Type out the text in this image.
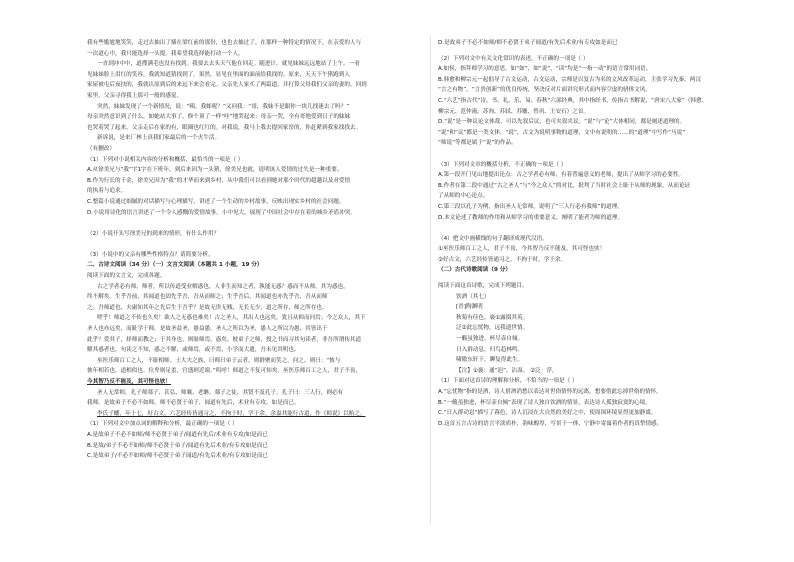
我有些尴尬地笑笑，走过去抽出了插在梁红前的那份，也也去抽过了。在那样一种特定的情况下，在亲爱的人与

一次道心中，我只能选择一头提。我希望我选择能打动一个人。

一直到冲中中，道搜满毛也没有找到。我要去去头天气他在回走。随进计，就见妹妹远远地站了上午。一看

见妹妹脸上泪红的笑容，我就知道猜找到了。果然，显见在里面的面前给我找的。原来，天天下午猪跑到人

家屋被屯后夜扶的，我就认原到后的来远下来会看完。父亲先人家买了两篇道，并打算父母我们父亲的妻的。回到

家里，父亲寻得我上那可一般的感觉。

突然，妹妹发现了一个新情况，说：“咦，我姊呢？”又问我：“哥，我妹不是跟你一块儿找迷去了吗？”

母亲突然意识到了什么，如她站大事了，修个顶了一样“哇”地哭起来：母亲一哭，全有哥地爱到日子的妹妹

也哭着哭了起来。父亲走后在家的有，眼圈也红红的。对我说，我马上我去提回家窑的，你赶紧到我家找找去。

新诉说，是来厂林上真我们家最后的一个火牛活。

（有删改）

（1）下列对小说相关内容的分析和概括，最恰当的一项是（ ）

A.从徐美兄与“我”字1字在下班年，到后来因为一头猪，徐美兄也就，说明该人爱情的过失是一种重要。

B.作为行长的千金，徐美兄因为“我”的才华而来到乡村，从中我们可以看到她对那个时代的超越以及对爱情

的执着与追求。

C.整篇小说通过细腻的对话描写与心理描写，讲述了一个生动的乡村故事，反映出现实乡村的社会问题。

D.小说用诗化的语言讲述了一个令人感慨的爱情故事，小中见大，展现了中国社会中存在着的城乡矛盾冲突。

（2）小说开头写徐美兄的到来的情形，有什么作用？

（3）小说中的父亲有哪些性格特点？请简要分析。

二、古诗文阅读（34 分）（一）文言文阅读（本题共 1 小题，19 分）

阅读下面的文言文，完成各题。

古之学者必有师。师者，所以传道受业解惑也。人非生而知之者，孰能无惑？惑而不从师，其为惑也，

终不解矣。生乎吾前，其闻道也固先乎吾，吾从而师之；生乎吾后，其闻道也亦先乎吾，吾从而师

之。吾师道也，夫庸知其年之先后生于吾乎？是故无贵无贱，无长无少，道之所存，师之所存也。

嗟乎！师道之不传也久矣！欲人之无惑也难矣！古之圣人，其出人也远矣，犹且从师而问焉；今之众人，其下

圣人也亦远矣，而耻学于师。是故圣益圣，愚益愚。圣人之所以为圣，愚人之所以为愚，其皆出于

此乎？爱其子，择师而教之；于其身也，则耻师焉，惑矣。彼童子之师，授之书而习其句读者，非吾所谓传其道

解其惑者也。句读之不知，惑之不解，或师焉，或不焉，小学而大遗，吾未见其明也。

巫医乐师百工之人，不耻相师。士大夫之族，曰师曰弟子云者，则群聚而笑之。问之，则曰：“彼与

彼年相若也，道相似也。位卑则足羞，官盛则近谀。”呜呼！师道之不复可知矣。巫医乐师百工之人，君子不齿，

今其智乃反不能及，其可怪也欤！

圣人无常师。孔子师郯子、苌弘、师襄、老聃。郯子之徒，其贤不及孔子。孔子曰：三人行，则必有

我师。是故弟子不必不如师，师不必贤于弟子，闻道有先后，术业有专攻，如是而已。

李氏子蟠，年十七，好古文，六艺经传皆通习之，不拘于时，学于余。余嘉其能行古道，作《师说》以贻之。

（1）下列对文中加点词的解释和分析，最正确的一项是（ ）

A.是故弟子不必不如师/师不必贤于弟子/闻道有先后/术业有专攻/如是而已

B.是故/弟子不必不如师/师不必贤于弟子/闻道有先后术业/有专攻如是而已

C.是故弟子/不必不如师/师不必贤于弟子闻道/有先后术业/有专攻如是而已

D.是故弟子不必不如师/师不必贤于弟子闻道/有先后术业/有专攻如是而已

（2）下列对文中有关文化常识的表述，不正确的一项是（ ）

A.如侯，指拜师学习的意思，如“如”，如“说”，“读”均是“一指一动”的语言常用词语。

B.韩愈和柳宗元一起倡导了古文运动，古文运动，宗师是以复古为名的文风改革运动，主张学习先秦、两汉

“言之有物”、“言贵创新”的优良传统，坚决反对片面讲究形式而内容空虚的骈体文风。

C.“六艺”指古代“诗、书、礼、乐、易、春秋”六部经典，其中指经书，传指古书解说，“唐宋八大家”（韩愈、

柳宗元、范仲淹、苏洵、苏轼、苏辙、曾巩、王安石）之首。

D.“说”是一种议论文体裁，可以先叙后议，也可夹叙夹议。“说”与“论”大体相同，都是阐述道理的。

“说”和“议”都是一类文体。“说”，古文为说明事物的道理，文中有说明的……的“道理”中写作“马说”

“师说”等都是属于“说”的作品。

（3）下列对文章的概括分析，不正确的一项是（ ）

A.第一段开门见山地提出论点：古之学者必有师，有着普遍意义的老师，提出了从师学习的必要性。

B.作者在第二段中通过“古之圣人”与“今之众人”的对比，批判了当时社会上耻于从师的现象，从而论证

了从师的中心论点。

C.第三段以孔子为例，指出圣人无常师，说明了“三人行必有我师”的道理。

D.本文论述了教师的作用和从师学习的重要意义，阐明了能者为师的道理。

（4）把文中画横线的句子翻译成现代汉语。

①巫医乐师百工之人，君子不齿，今其智乃反不能及，其可怪也欤！

②好古文，六艺经传皆通习之，不拘于时，学于余。

（二）古代诗歌阅读（9 分）

阅读下面这首诗歌，完成下列题目。

饮酒（其七）

[晋]陶渊明

秋菊有佳色，裛①露掇其英。

泛②此忘忧物，远我遗世情。

一觞虽独进，杯尽壶自倾。

日入群动息，归鸟趋林鸣。

啸傲东轩下，聊复得此生。

【注】①裛：通“浥”，沾湿。 ②泛：浮。

（1）下面对这首诗的理解和分析，不恰当的一项是（ ）

A.“忘忧物”指的是酒，诗人借酒消愁以表达对世俗情怀的远离，想要借此忘掉世俗的情怀。

B.“一觞虽独进，杯尽壶自倾”表现了诗人独自饮酒的情景，表达诗人孤独寂寞的心境。

C.“日入群动息”描写了暮色，诗人沉浸在大自然的美好之中，使周围环境显得更加静谧。

D.这首五言古诗的语言平淡质朴，韵味醇厚，写景于一体，宁静中寄寓着作者的真挚情感。
